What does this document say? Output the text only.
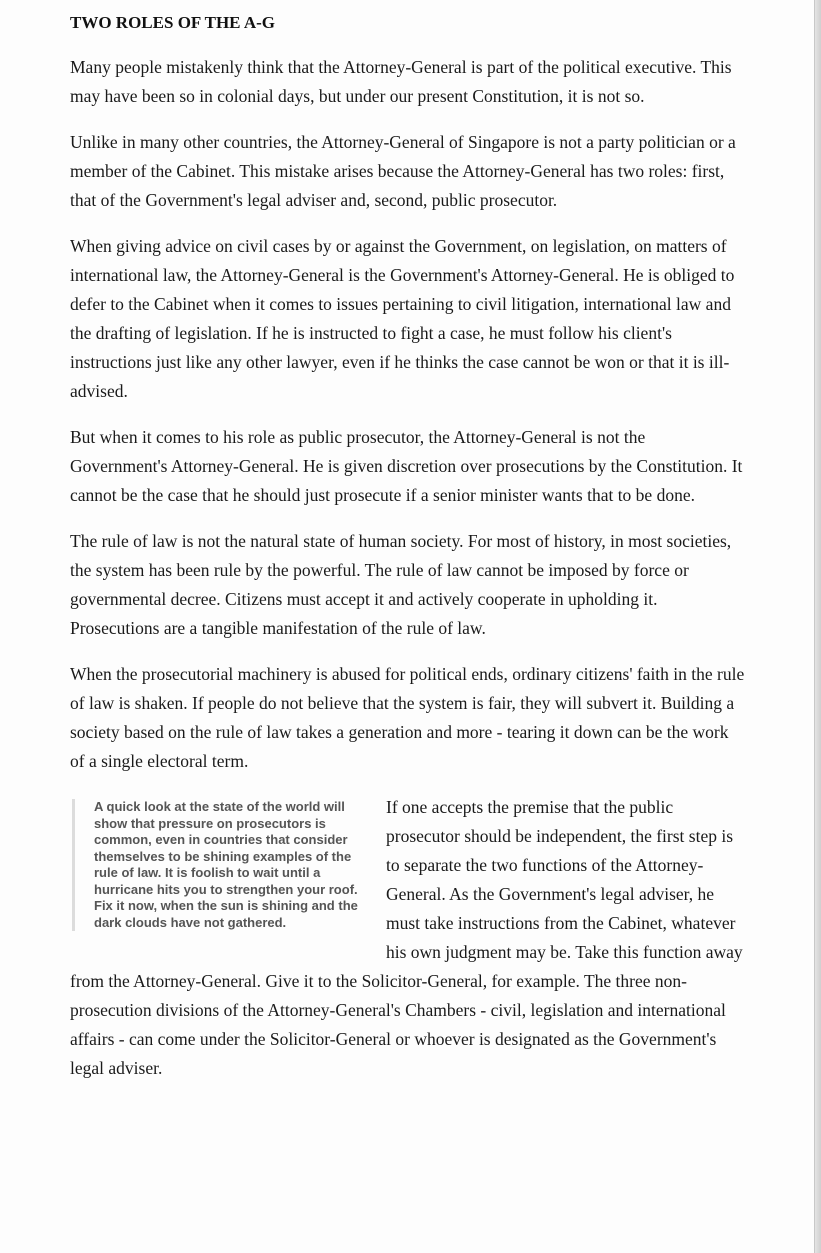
TWO ROLES OF THE A-G

Many people mistakenly think that the Attorney-General is part of the political executive. This may have been so in colonial days, but under our present Constitution, it is not so.

Unlike in many other countries, the Attorney-General of Singapore is not a party politician or a member of the Cabinet. This mistake arises because the Attorney-General has two roles: first, that of the Government's legal adviser and, second, public prosecutor.

When giving advice on civil cases by or against the Government, on legislation, on matters of international law, the Attorney-General is the Government's Attorney-General. He is obliged to defer to the Cabinet when it comes to issues pertaining to civil litigation, international law and the drafting of legislation. If he is instructed to fight a case, he must follow his client's instructions just like any other lawyer, even if he thinks the case cannot be won or that it is ill-advised.

But when it comes to his role as public prosecutor, the Attorney-General is not the Government's Attorney-General. He is given discretion over prosecutions by the Constitution. It cannot be the case that he should just prosecute if a senior minister wants that to be done.

The rule of law is not the natural state of human society. For most of history, in most societies, the system has been rule by the powerful. The rule of law cannot be imposed by force or governmental decree. Citizens must accept it and actively cooperate in upholding it. Prosecutions are a tangible manifestation of the rule of law.

When the prosecutorial machinery is abused for political ends, ordinary citizens' faith in the rule of law is shaken. If people do not believe that the system is fair, they will subvert it. Building a society based on the rule of law takes a generation and more - tearing it down can be the work of a single electoral term.

A quick look at the state of the world will show that pressure on prosecutors is common, even in countries that consider themselves to be shining examples of the rule of law. It is foolish to wait until a hurricane hits you to strengthen your roof. Fix it now, when the sun is shining and the dark clouds have not gathered.

If one accepts the premise that the public prosecutor should be independent, the first step is to separate the two functions of the Attorney-General. As the Government's legal adviser, he must take instructions from the Cabinet, whatever his own judgment may be. Take this function away from the Attorney-General. Give it to the Solicitor-General, for example. The three non-prosecution divisions of the Attorney-General's Chambers - civil, legislation and international affairs - can come under the Solicitor-General or whoever is designated as the Government's legal adviser.
